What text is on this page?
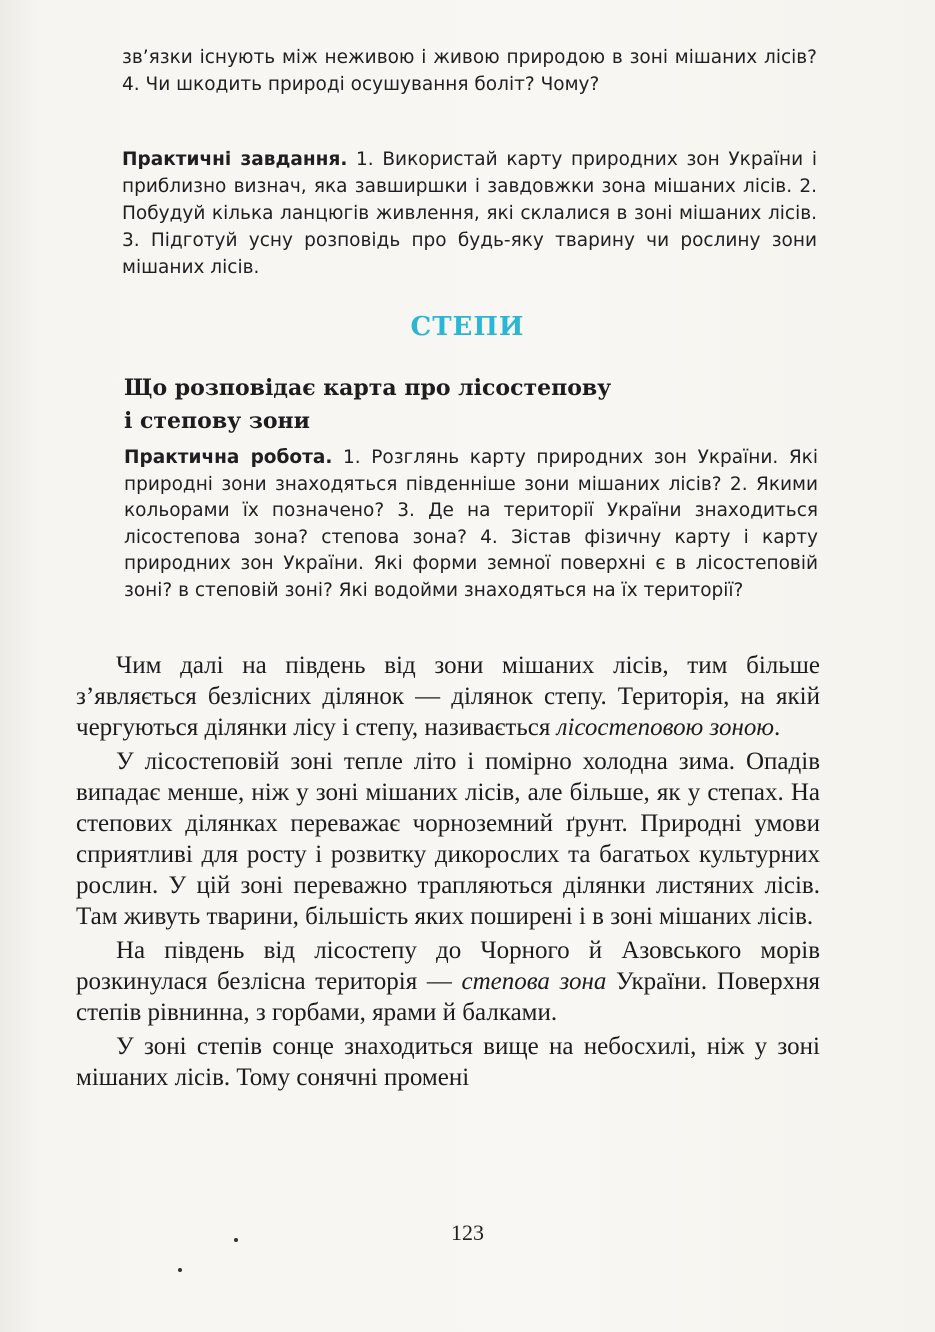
зв’язки існують між неживою і живою природою в зоні мішаних лісів? 4. Чи шкодить природі осушування боліт? Чому?
Практичні завдання. 1. Використай карту природних зон України і приблизно визнач, яка завширшки і завдовжки зона мішаних лісів. 2. Побудуй кілька ланцюгів живлення, які склалися в зоні мішаних лісів. 3. Підготуй усну розповідь про будь-яку тварину чи рослину зони мішаних лісів.
СТЕПИ
Що розповідає карта про лісостепову
і степову зони
Практична робота. 1. Розглянь карту природних зон України. Які природні зони знаходяться південніше зони мішаних лісів? 2. Якими кольорами їх позначено? 3. Де на території України знаходиться лісостепова зона? степова зона? 4. Зістав фізичну карту і карту природних зон України. Які форми земної поверхні є в лісостеповій зоні? в степовій зоні? Які водойми знаходяться на їх території?

Чим далі на південь від зони мішаних лісів, тим більше з’являється безлісних ділянок — ділянок степу. Територія, на якій чергуються ділянки лісу і степу, називається лісостеповою зоною.

У лісостеповій зоні тепле літо і помірно холодна зима. Опадів випадає менше, ніж у зоні мішаних лісів, але більше, як у степах. На степових ділянках переважає чорноземний ґрунт. Природні умови сприятливі для росту і розвитку дикорослих та багатьох культурних рослин. У цій зоні переважно трапляються ділянки листяних лісів. Там живуть тварини, більшість яких поширені і в зоні мішаних лісів.

На південь від лісостепу до Чорного й Азовського морів розкинулася безлісна територія — степова зона України. Поверхня степів рівнинна, з горбами, ярами й балками.

У зоні степів сонце знаходиться вище на небосхилі, ніж у зоні мішаних лісів. Тому сонячні промені

123
